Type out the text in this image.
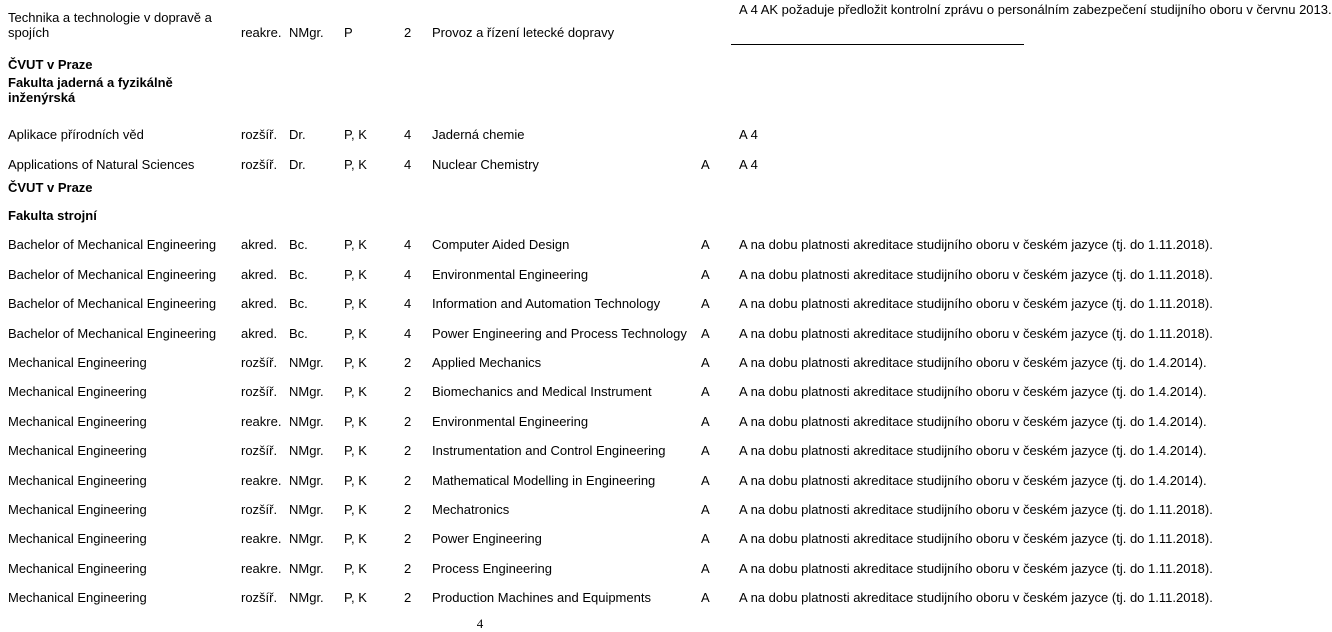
Technika a technologie v dopravě a spojích	reakre.	NMgr.	P	2	Provoz a řízení letecké dopravy		A 4 AK požaduje předložit kontrolní zprávu o personálním zabezpečení studijního oboru v červnu 2013.
ČVUT v Praze
Fakulta jaderná a fyzikálně inženýrská
Aplikace přírodních věd	rozšíř.	Dr.	P, K	4	Jaderná chemie		A 4
Applications of Natural Sciences	rozšíř.	Dr.	P, K	4	Nuclear Chemistry	A	A 4
ČVUT v Praze
Fakulta strojní
Bachelor of Mechanical Engineering	akred.	Bc.	P, K	4	Computer Aided Design	A	A na dobu platnosti akreditace studijního oboru v českém jazyce (tj. do 1.11.2018).
Bachelor of Mechanical Engineering	akred.	Bc.	P, K	4	Environmental Engineering	A	A na dobu platnosti akreditace studijního oboru v českém jazyce (tj. do 1.11.2018).
Bachelor of Mechanical Engineering	akred.	Bc.	P, K	4	Information and Automation Technology	A	A na dobu platnosti akreditace studijního oboru v českém jazyce (tj. do 1.11.2018).
Bachelor of Mechanical Engineering	akred.	Bc.	P, K	4	Power Engineering and Process Technology	A	A na dobu platnosti akreditace studijního oboru v českém jazyce (tj. do 1.11.2018).
Mechanical Engineering	rozšíř.	NMgr.	P, K	2	Applied Mechanics	A	A na dobu platnosti akreditace studijního oboru v českém jazyce (tj. do 1.4.2014).
Mechanical Engineering	rozšíř.	NMgr.	P, K	2	Biomechanics and Medical Instrument	A	A na dobu platnosti akreditace studijního oboru v českém jazyce (tj. do 1.4.2014).
Mechanical Engineering	reakre.	NMgr.	P, K	2	Environmental Engineering	A	A na dobu platnosti akreditace studijního oboru v českém jazyce (tj. do 1.4.2014).
Mechanical Engineering	rozšíř.	NMgr.	P, K	2	Instrumentation and Control Engineering	A	A na dobu platnosti akreditace studijního oboru v českém jazyce (tj. do 1.4.2014).
Mechanical Engineering	reakre.	NMgr.	P, K	2	Mathematical Modelling in Engineering	A	A na dobu platnosti akreditace studijního oboru v českém jazyce (tj. do 1.4.2014).
Mechanical Engineering	rozšíř.	NMgr.	P, K	2	Mechatronics	A	A na dobu platnosti akreditace studijního oboru v českém jazyce (tj. do 1.11.2018).
Mechanical Engineering	reakre.	NMgr.	P, K	2	Power Engineering	A	A na dobu platnosti akreditace studijního oboru v českém jazyce (tj. do 1.11.2018).
Mechanical Engineering	reakre.	NMgr.	P, K	2	Process Engineering	A	A na dobu platnosti akreditace studijního oboru v českém jazyce (tj. do 1.11.2018).
Mechanical Engineering	rozšíř.	NMgr.	P, K	2	Production Machines and Equipments	A	A na dobu platnosti akreditace studijního oboru v českém jazyce (tj. do 1.11.2018).
4
